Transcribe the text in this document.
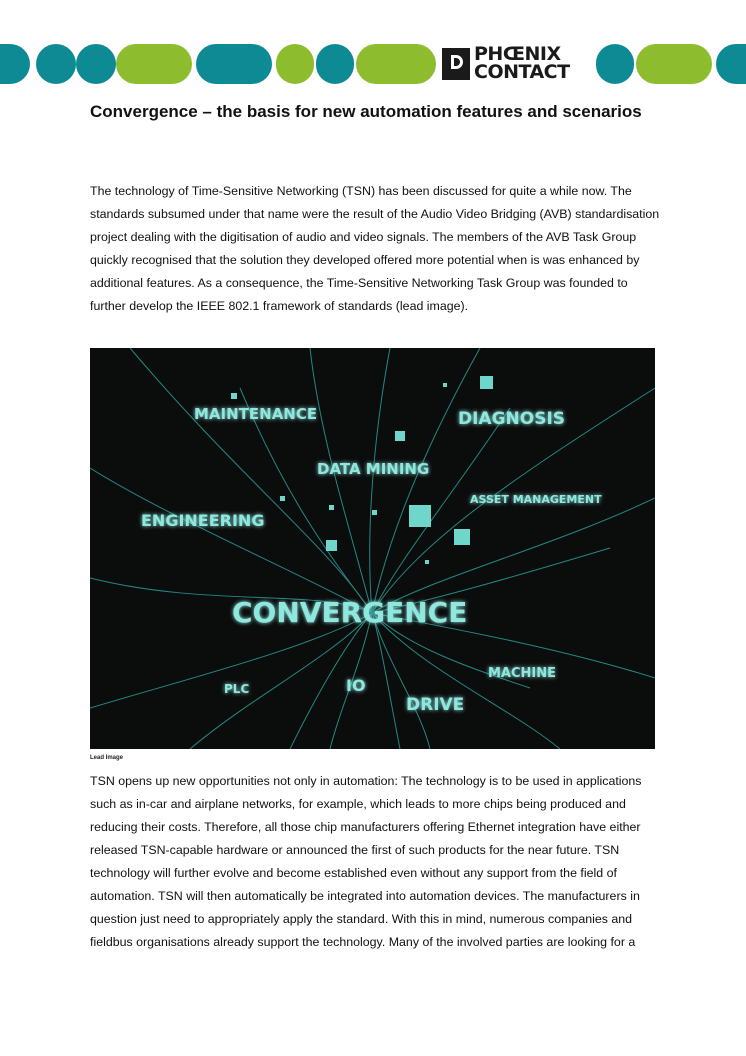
PHŒNIX
CONTACT
Convergence – the basis for new automation features and scenarios

The technology of Time-Sensitive Networking (TSN) has been discussed for quite a while now. The standards subsumed under that name were the result of the Audio Video Bridging (AVB) standardisation project dealing with the digitisation of audio and video signals. The members of the AVB Task Group quickly recognised that the solution they developed offered more potential when is was enhanced by additional features. As a consequence, the Time-Sensitive Networking Task Group was founded to further develop the IEEE 802.1 framework of standards (lead image).

MAINTENANCE	DIAGNOSIS
DATA MINING
ASSET MANAGEMENT
ENGINEERING
CONVERGENCE
MACHINE
PLC	IO
DRIVE
Lead Image

TSN opens up new opportunities not only in automation: The technology is to be used in applications such as in-car and airplane networks, for example, which leads to more chips being produced and reducing their costs. Therefore, all those chip manufacturers offering Ethernet integration have either released TSN-capable hardware or announced the first of such products for the near future. TSN technology will further evolve and become established even without any support from the field of automation. TSN will then automatically be integrated into automation devices. The manufacturers in question just need to appropriately apply the standard. With this in mind, numerous companies and fieldbus organisations already support the technology. Many of the involved parties are looking for a
